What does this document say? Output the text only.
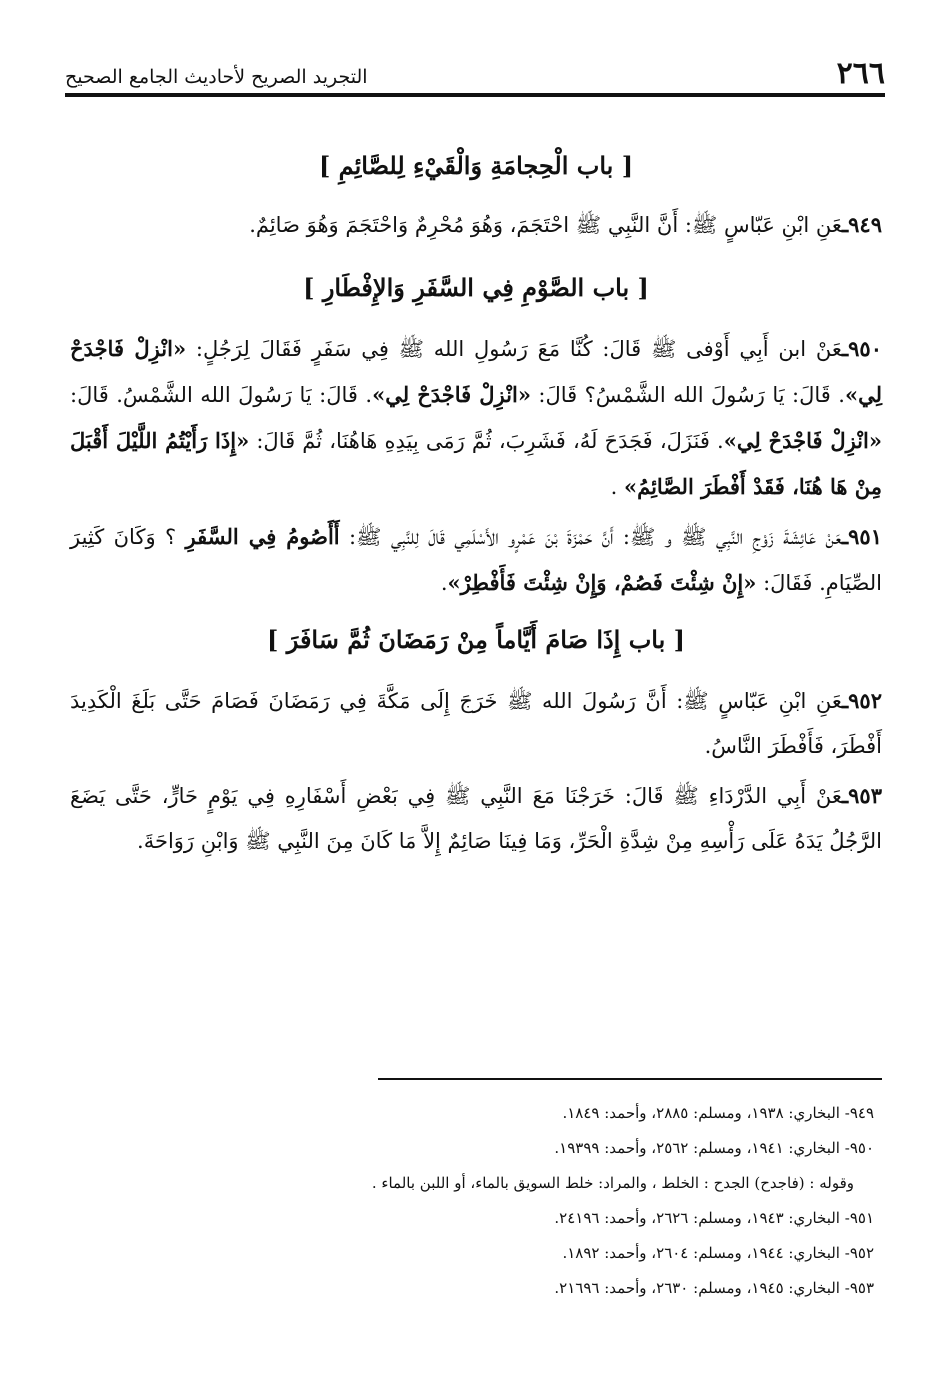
٢٦٦
التجريد الصريح لأحاديث الجامع الصحيح

[ باب الْحِجامَةِ وَالْقَيْءِ لِلصَّائِمِ ]

٩٤٩ـعَنِ ابْنِ عَبّاسٍ ﷺ: أَنَّ النَّبِي ﷺ احْتَجَمَ، وَهُوَ مُحْرِمٌ وَاحْتَجَمَ وَهُوَ صَائِمٌ.

[ باب الصَّوْمِ فِي السَّفَرِ وَالإِفْطَارِ ]

٩٥٠ـعَنْ ابن أَبِي أَوْفى ﷺ قَالَ: كُنَّا مَعَ رَسُولِ الله ﷺ فِي سَفَرٍ فَقَالَ لِرَجُلٍ: «انْزِلْ فَاجْدَحْ لِي». قَالَ: يَا رَسُولَ الله الشَّمْسُ؟ قَالَ: «انْزِلْ فَاجْدَحْ لِي». قَالَ: يَا رَسُولَ الله الشَّمْسُ. قَالَ: «انْزِلْ فَاجْدَحْ لِي». فَنَزَلَ، فَجَدَحَ لَهُ، فَشَرِبَ، ثُمَّ رَمَى بِيَدِهِ هَاهُنَا، ثُمَّ قَالَ: «إِذَا رَأَيْتُمُ اللَّيْلَ أَقْبَلَ مِنْ هَا هُنَا، فَقَدْ أَفْطَرَ الصَّائِمُ» .

٩٥١ـعَنْ عَائِشَةَ زَوْجِ النَّبِي ﷺ و ﷺ: أَنَّ حَمْزَةَ بْنَ عَمْرٍو الأَسْلَمِي قَالَ لِلنَّبِي ﷺ: أَأَصُومُ فِي السَّفَرِ ؟ وَكَانَ كَثِيرَ الصِّيَامِ. فَقَالَ: «إِنْ شِئْتَ فَصُمْ، وَإِنْ شِئْتَ فَأَفْطِرْ».

[ باب إِذَا صَامَ أَيَّاماً مِنْ رَمَضَانَ ثُمَّ سَافَرَ ]

٩٥٢ـعَنِ ابْنِ عَبّاسٍ ﷺ: أَنَّ رَسُولَ الله ﷺ خَرَجَ إِلَى مَكَّةَ فِي رَمَضَانَ فَصَامَ حَتَّى بَلَغَ الْكَدِيدَ أَفْطَرَ، فَأَفْطَرَ النَّاسُ.

٩٥٣ـعَنْ أَبِي الدَّرْدَاءِ ﷺ قَالَ: خَرَجْنَا مَعَ النَّبِي ﷺ فِي بَعْضِ أَسْفَارِهِ فِي يَوْمٍ حَارٍّ، حَتَّى يَضَعَ الرَّجُلُ يَدَهُ عَلَى رَأْسِهِ مِنْ شِدَّةِ الْحَرِّ، وَمَا فِينَا صَائِمٌ إِلاَّ مَا كَانَ مِنَ النَّبِي ﷺ وَابْنِ رَوَاحَةَ.

٩٤٩- البخاري: ١٩٣٨، ومسلم: ٢٨٨٥، وأحمد: ١٨٤٩.

٩٥٠- البخاري: ١٩٤١، ومسلم: ٢٥٦٢، وأحمد: ١٩٣٩٩.

وقوله : (فاجدح) الجدح : الخلط ، والمراد: خلط السويق بالماء، أو اللبن بالماء .

٩٥١- البخاري: ١٩٤٣، ومسلم: ٢٦٢٦، وأحمد: ٢٤١٩٦.

٩٥٢- البخاري: ١٩٤٤، ومسلم: ٢٦٠٤، وأحمد: ١٨٩٢.

٩٥٣- البخاري: ١٩٤٥، ومسلم: ٢٦٣٠، وأحمد: ٢١٦٩٦.
